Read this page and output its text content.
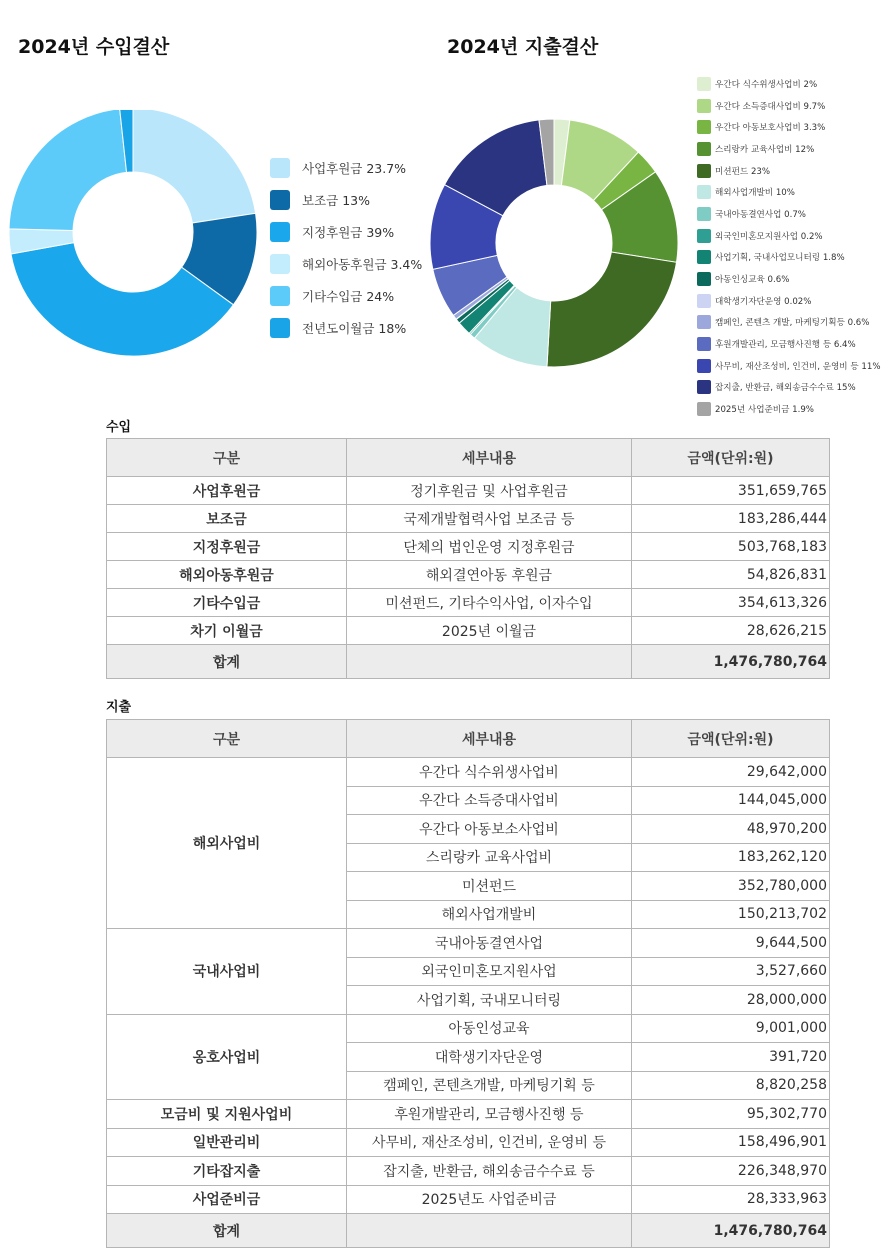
2024년 수입결산	2024년 지출결산
사업후원금 23.7%
보조금 13%
지정후원금 39%
해외아동후원금 3.4%
기타수입금 24%
전년도이월금 18%
우간다 식수위생사업비 2%
우간다 소득증대사업비 9.7%
우간다 아동보호사업비 3.3%
스리랑카 교육사업비 12%
미션펀드 23%
해외사업개발비 10%
국내아동결연사업 0.7%
외국인미혼모지원사업 0.2%
사업기획, 국내사업모니터링 1.8%
아동인싱교육 0.6%
대학생기자단운영 0.02%
캠페인, 콘텐츠 개발, 마케팅기획등 0.6%
후원개발관리, 모금행사진행 등 6.4%
사무비, 재산조성비, 인건비, 운영비 등 11%
잡지출, 반환금, 해외송금수수료 15%
2025년 사업준비금 1.9%
수입
구분	세부내용	금액(단위:원)
사업후원금	정기후원금 및 사업후원금	351,659,765
보조금	국제개발협력사업 보조금 등	183,286,444
지정후원금	단체의 법인운영 지정후원금	503,768,183
해외아동후원금	해외결연아동 후원금	54,826,831
기타수입금	미션펀드, 기타수익사업, 이자수입	354,613,326
차기 이월금	2025년 이월금	28,626,215
합계		1,476,780,764
지출
구분	세부내용	금액(단위:원)
해외사업비	우간다 식수위생사업비	29,642,000
	우간다 소득증대사업비	144,045,000
	우간다 아동보소사업비	48,970,200
	스리랑카 교육사업비	183,262,120
	미션펀드	352,780,000
	해외사업개발비	150,213,702
국내사업비	국내아동결연사업	9,644,500
	외국인미혼모지원사업	3,527,660
	사업기획, 국내모니터링	28,000,000
옹호사업비	아동인성교육	9,001,000
	대학생기자단운영	391,720
	캠페인, 콘텐츠개발, 마케팅기획 등	8,820,258
모금비 및 지원사업비	후원개발관리, 모금행사진행 등	95,302,770
일반관리비	사무비, 재산조성비, 인건비, 운영비 등	158,496,901
기타잡지출	잡지출, 반환금, 해외송금수수료 등	226,348,970
사업준비금	2025년도 사업준비금	28,333,963
합계		1,476,780,764
